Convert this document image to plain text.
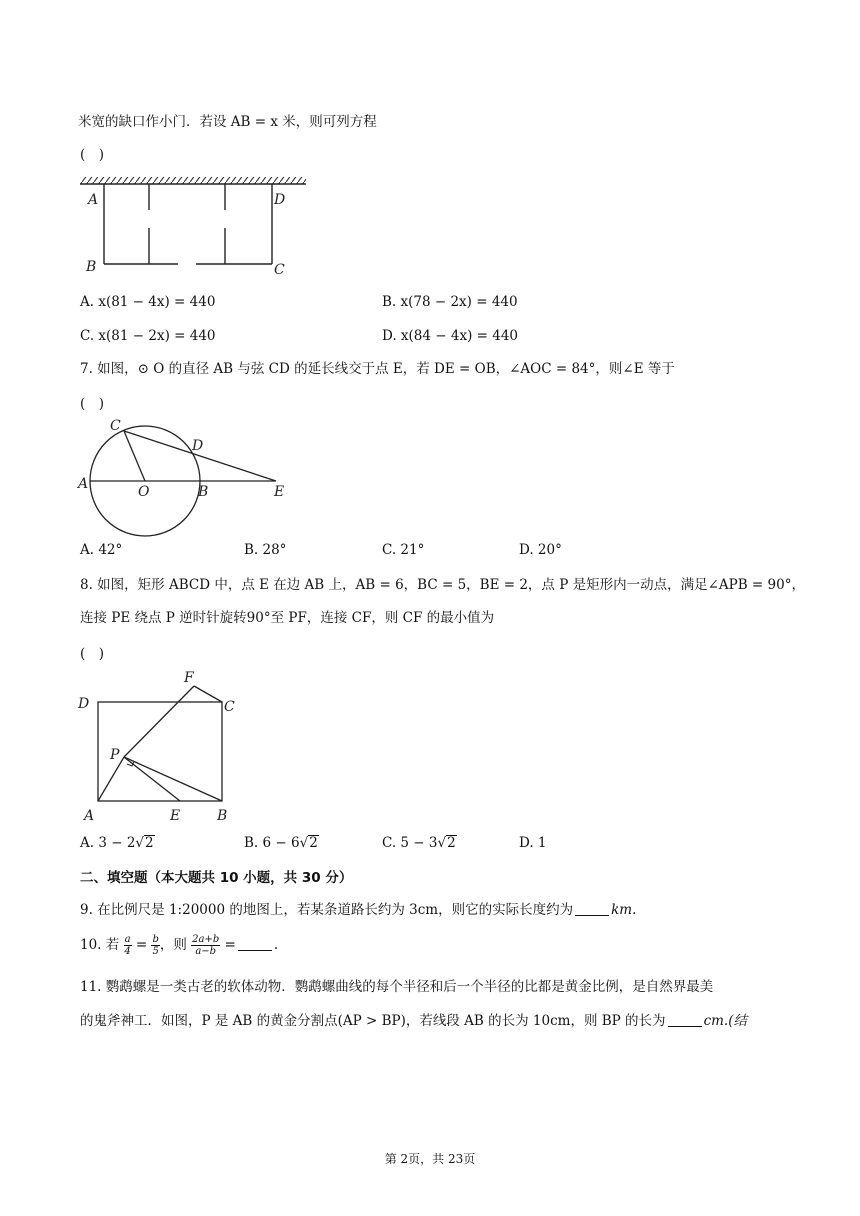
米宽的缺口作小门．若设 AB = x 米，则可列方程
(　)
A	D
B	C
A. x(81 − 4x) = 440	B. x(78 − 2x) = 440
C. x(81 − 2x) = 440	D. x(84 − 4x) = 440
7. 如图，⊙ O 的直径 AB 与弦 CD 的延长线交于点 E，若 DE = OB，∠AOC = 84°，则∠E 等于
(　)
A	O	B	E
C
D
A. 42°	B. 28°	C. 21°	D. 20°
8. 如图，矩形 ABCD 中，点 E 在边 AB 上，AB = 6，BC = 5，BE = 2，点 P 是矩形内一动点，满足∠APB = 90°，
连接 PE 绕点 P 逆时针旋转90°至 PF，连接 CF，则 CF 的最小值为
(　)
D	C
F
P
A	E	B
A. 3 − 2√2	B. 6 − 6√2	C. 5 − 3√2	D. 1
二、填空题（本大题共 10 小题，共 30 分）
9. 在比例尺是 1:20000 的地图上，若某条道路长约为 3cm，则它的实际长度约为	km.
10. 若 $\frac{a}{4} = \frac{b}{5}$ ，则 $\frac{2a+b}{a-b}$ =	.
11. 鹦鹉螺是一类古老的软体动物．鹦鹉螺曲线的每个半径和后一个半径的比都是黄金比例，是自然界最美
的鬼斧神工．如图，P 是 AB 的黄金分割点(AP > BP)，若线段 AB 的长为 10cm，则 BP 的长为	cm.(结
第 2页，共 23页
